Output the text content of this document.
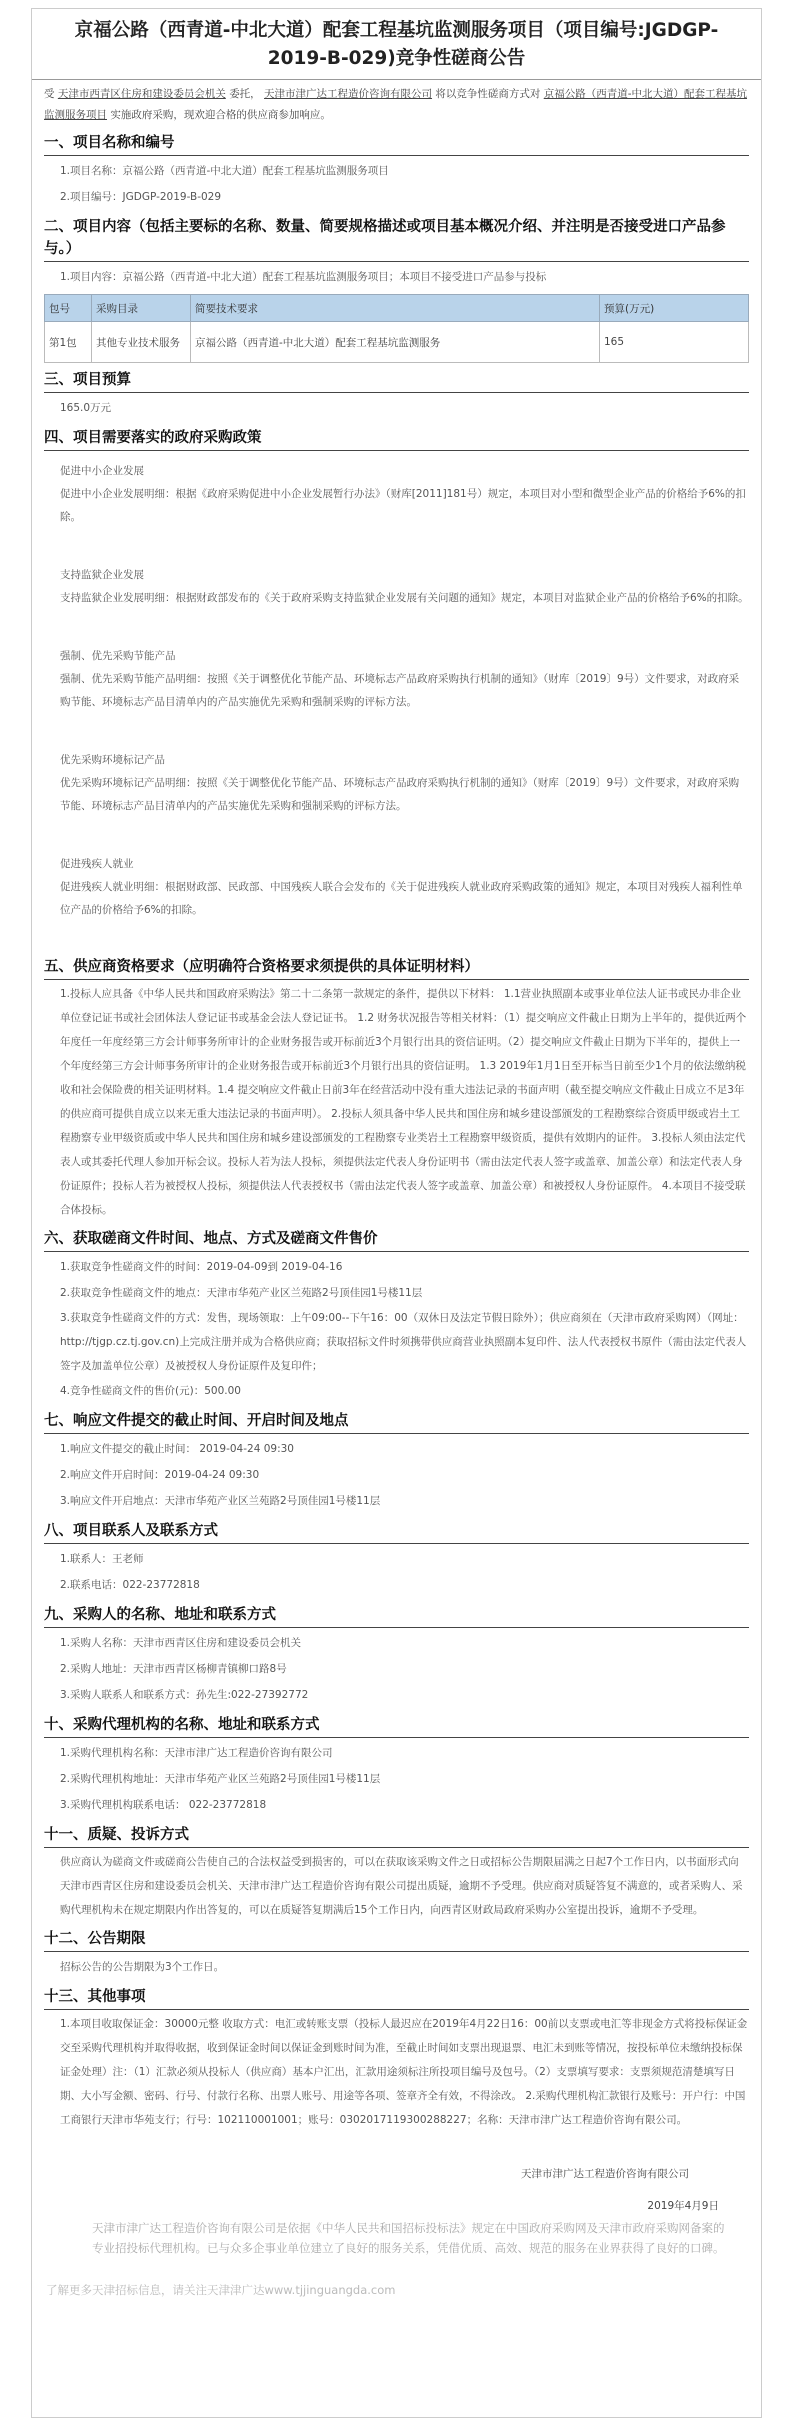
京福公路（西青道-中北大道）配套工程基坑监测服务项目（项目编号:JGDGP-2019-B-029)竞争性磋商公告
受 天津市西青区住房和建设委员会机关 委托， 天津市津广达工程造价咨询有限公司 将以竞争性磋商方式对 京福公路（西青道-中北大道）配套工程基坑监测服务项目 实施政府采购，现欢迎合格的供应商参加响应。
一、项目名称和编号
1.项目名称：京福公路（西青道-中北大道）配套工程基坑监测服务项目
2.项目编号：JGDGP-2019-B-029
二、项目内容（包括主要标的名称、数量、简要规格描述或项目基本概况介绍、并注明是否接受进口产品参与。）
1.项目内容：京福公路（西青道-中北大道）配套工程基坑监测服务项目；本项目不接受进口产品参与投标
包号	采购目录	简要技术要求	预算(万元)
第1包	其他专业技术服务	京福公路（西青道-中北大道）配套工程基坑监测服务	165
三、项目预算
165.0万元
四、项目需要落实的政府采购政策
促进中小企业发展
促进中小企业发展明细：根据《政府采购促进中小企业发展暂行办法》（财库[2011]181号）规定，本项目对小型和微型企业产品的价格给予6%的扣除。
支持监狱企业发展
支持监狱企业发展明细：根据财政部发布的《关于政府采购支持监狱企业发展有关问题的通知》规定，本项目对监狱企业产品的价格给予6%的扣除。
强制、优先采购节能产品
强制、优先采购节能产品明细：按照《关于调整优化节能产品、环境标志产品政府采购执行机制的通知》（财库〔2019〕9号）文件要求，对政府采购节能、环境标志产品目清单内的产品实施优先采购和强制采购的评标方法。
优先采购环境标记产品
优先采购环境标记产品明细：按照《关于调整优化节能产品、环境标志产品政府采购执行机制的通知》（财库〔2019〕9号）文件要求，对政府采购节能、环境标志产品目清单内的产品实施优先采购和强制采购的评标方法。
促进残疾人就业
促进残疾人就业明细：根据财政部、民政部、中国残疾人联合会发布的《关于促进残疾人就业政府采购政策的通知》规定，本项目对残疾人福利性单位产品的价格给予6%的扣除。
五、供应商资格要求（应明确符合资格要求须提供的具体证明材料）
1.投标人应具备《中华人民共和国政府采购法》第二十二条第一款规定的条件，提供以下材料： 1.1营业执照副本或事业单位法人证书或民办非企业单位登记证书或社会团体法人登记证书或基金会法人登记证书。 1.2 财务状况报告等相关材料：（1）提交响应文件截止日期为上半年的，提供近两个年度任一年度经第三方会计师事务所审计的企业财务报告或开标前近3个月银行出具的资信证明。（2）提交响应文件截止日期为下半年的，提供上一个年度经第三方会计师事务所审计的企业财务报告或开标前近3个月银行出具的资信证明。 1.3 2019年1月1日至开标当日前至少1个月的依法缴纳税收和社会保险费的相关证明材料。1.4 提交响应文件截止日前3年在经营活动中没有重大违法记录的书面声明（截至提交响应文件截止日成立不足3年的供应商可提供自成立以来无重大违法记录的书面声明）。 2.投标人须具备中华人民共和国住房和城乡建设部颁发的工程勘察综合资质甲级或岩土工程勘察专业甲级资质或中华人民共和国住房和城乡建设部颁发的工程勘察专业类岩土工程勘察甲级资质，提供有效期内的证件。 3.投标人须由法定代表人或其委托代理人参加开标会议。投标人若为法人投标，须提供法定代表人身份证明书（需由法定代表人签字或盖章、加盖公章）和法定代表人身份证原件；投标人若为被授权人投标，须提供法人代表授权书（需由法定代表人签字或盖章、加盖公章）和被授权人身份证原件。 4.本项目不接受联合体投标。
六、获取磋商文件时间、地点、方式及磋商文件售价
1.获取竞争性磋商文件的时间：2019-04-09到 2019-04-16
2.获取竞争性磋商文件的地点：天津市华苑产业区兰苑路2号顶佳园1号楼11层
3.获取竞争性磋商文件的方式：发售，现场领取：上午09:00--下午16：00（双休日及法定节假日除外）；供应商须在（天津市政府采购网）（网址：http://tjgp.cz.tj.gov.cn)上完成注册并成为合格供应商；获取招标文件时须携带供应商营业执照副本复印件、法人代表授权书原件（需由法定代表人签字及加盖单位公章）及被授权人身份证原件及复印件；
4.竞争性磋商文件的售价(元)：500.00
七、响应文件提交的截止时间、开启时间及地点
1.响应文件提交的截止时间： 2019-04-24 09:30
2.响应文件开启时间：2019-04-24 09:30
3.响应文件开启地点：天津市华苑产业区兰苑路2号顶佳园1号楼11层
八、项目联系人及联系方式
1.联系人：王老师
2.联系电话：022-23772818
九、采购人的名称、地址和联系方式
1.采购人名称：天津市西青区住房和建设委员会机关
2.采购人地址：天津市西青区杨柳青镇柳口路8号
3.采购人联系人和联系方式：孙先生:022-27392772
十、采购代理机构的名称、地址和联系方式
1.采购代理机构名称：天津市津广达工程造价咨询有限公司
2.采购代理机构地址：天津市华苑产业区兰苑路2号顶佳园1号楼11层
3.采购代理机构联系电话： 022-23772818
十一、质疑、投诉方式
供应商认为磋商文件或磋商公告使自己的合法权益受到损害的，可以在获取该采购文件之日或招标公告期限届满之日起7个工作日内，以书面形式向 天津市西青区住房和建设委员会机关、天津市津广达工程造价咨询有限公司提出质疑，逾期不予受理。供应商对质疑答复不满意的，或者采购人、采购代理机构未在规定期限内作出答复的，可以在质疑答复期满后15个工作日内，向西青区财政局政府采购办公室提出投诉，逾期不予受理。
十二、公告期限
招标公告的公告期限为3个工作日。
十三、其他事项
1.本项目收取保证金：30000元整 收取方式：电汇或转账支票（投标人最迟应在2019年4月22日16：00前以支票或电汇等非现金方式将投标保证金交至采购代理机构并取得收据，收到保证金时间以保证金到账时间为准，至截止时间如支票出现退票、电汇未到账等情况，按投标单位未缴纳投标保证金处理）注：（1）汇款必须从投标人（供应商）基本户汇出，汇款用途须标注所投项目编号及包号。（2）支票填写要求：支票须规范清楚填写日期、大小写金额、密码、行号、付款行名称、出票人账号、用途等各项、签章齐全有效，不得涂改。 2.采购代理机构汇款银行及账号：开户行：中国工商银行天津市华苑支行；行号：102110001001；账号：0302017119300288227；名称：天津市津广达工程造价咨询有限公司。
天津市津广达工程造价咨询有限公司
2019年4月9日
天津市津广达工程造价咨询有限公司是依据《中华人民共和国招标投标法》规定在中国政府采购网及天津市政府采购网备案的专业招投标代理机构。已与众多企事业单位建立了良好的服务关系，凭借优质、高效、规范的服务在业界获得了良好的口碑。
了解更多天津招标信息，请关注天津津广达www.tjjinguangda.com
